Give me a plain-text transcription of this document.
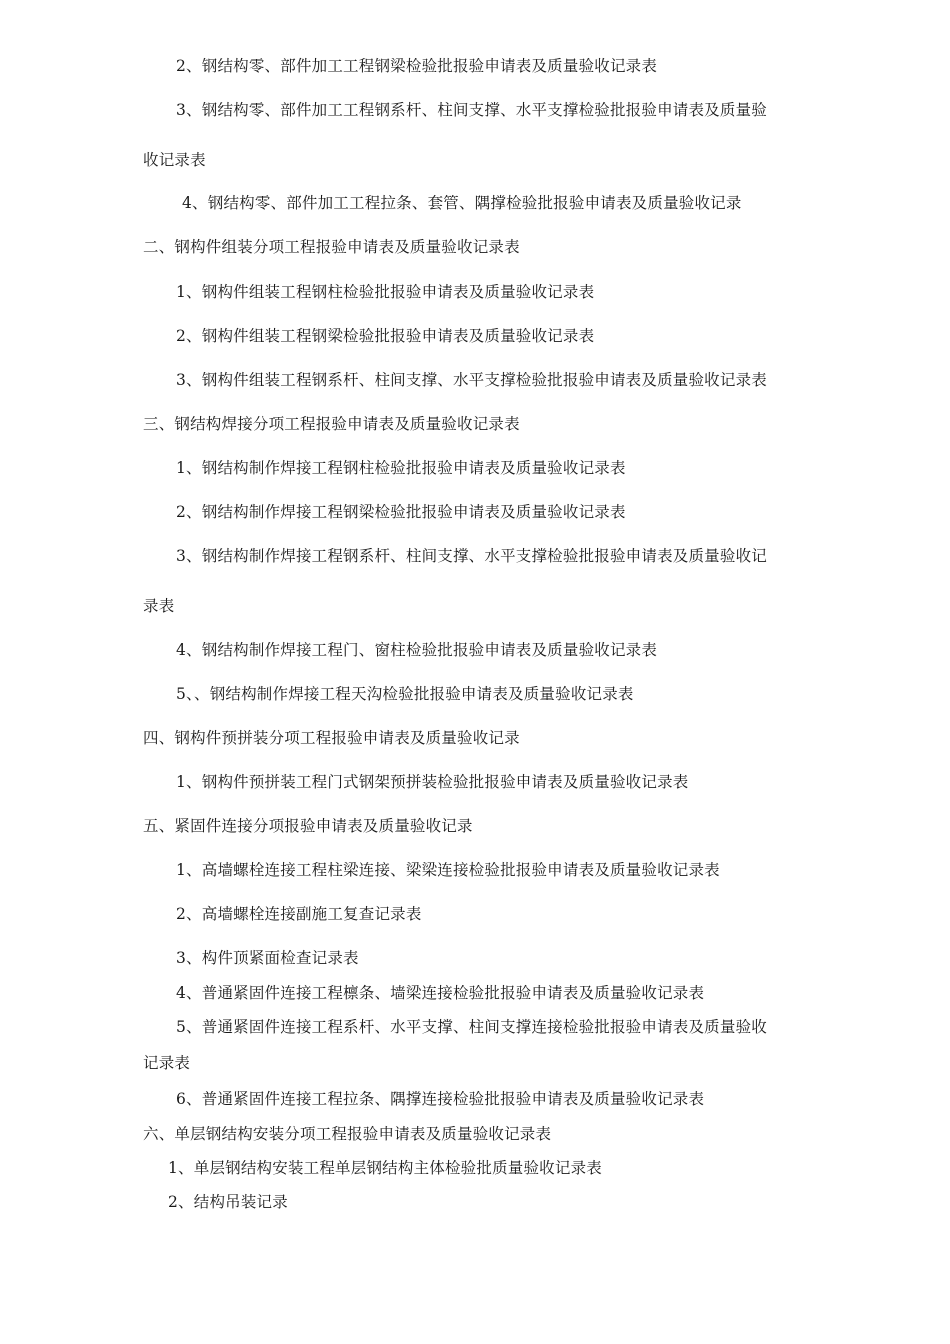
2、钢结构零、部件加工工程钢梁检验批报验申请表及质量验收记录表
3、钢结构零、部件加工工程钢系杆、柱间支撑、水平支撑检验批报验申请表及质量验
收记录表
4、钢结构零、部件加工工程拉条、套管、隅撑检验批报验申请表及质量验收记录
二、钢构件组装分项工程报验申请表及质量验收记录表
1、钢构件组装工程钢柱检验批报验申请表及质量验收记录表
2、钢构件组装工程钢梁检验批报验申请表及质量验收记录表
3、钢构件组装工程钢系杆、柱间支撑、水平支撑检验批报验申请表及质量验收记录表
三、钢结构焊接分项工程报验申请表及质量验收记录表
1、钢结构制作焊接工程钢柱检验批报验申请表及质量验收记录表
2、钢结构制作焊接工程钢梁检验批报验申请表及质量验收记录表
3、钢结构制作焊接工程钢系杆、柱间支撑、水平支撑检验批报验申请表及质量验收记
录表
4、钢结构制作焊接工程门、窗柱检验批报验申请表及质量验收记录表
5、、钢结构制作焊接工程天沟检验批报验申请表及质量验收记录表
四、钢构件预拼装分项工程报验申请表及质量验收记录
1、钢构件预拼装工程门式钢架预拼装检验批报验申请表及质量验收记录表
五、紧固件连接分项报验申请表及质量验收记录
1、高墙螺栓连接工程柱梁连接、梁梁连接检验批报验申请表及质量验收记录表
2、高墙螺栓连接副施工复查记录表
3、构件顶紧面检查记录表
4、普通紧固件连接工程檩条、墙梁连接检验批报验申请表及质量验收记录表
5、普通紧固件连接工程系杆、水平支撑、柱间支撑连接检验批报验申请表及质量验收
记录表
6、普通紧固件连接工程拉条、隅撑连接检验批报验申请表及质量验收记录表
六、单层钢结构安装分项工程报验申请表及质量验收记录表
1、单层钢结构安装工程单层钢结构主体检验批质量验收记录表
2、结构吊装记录
